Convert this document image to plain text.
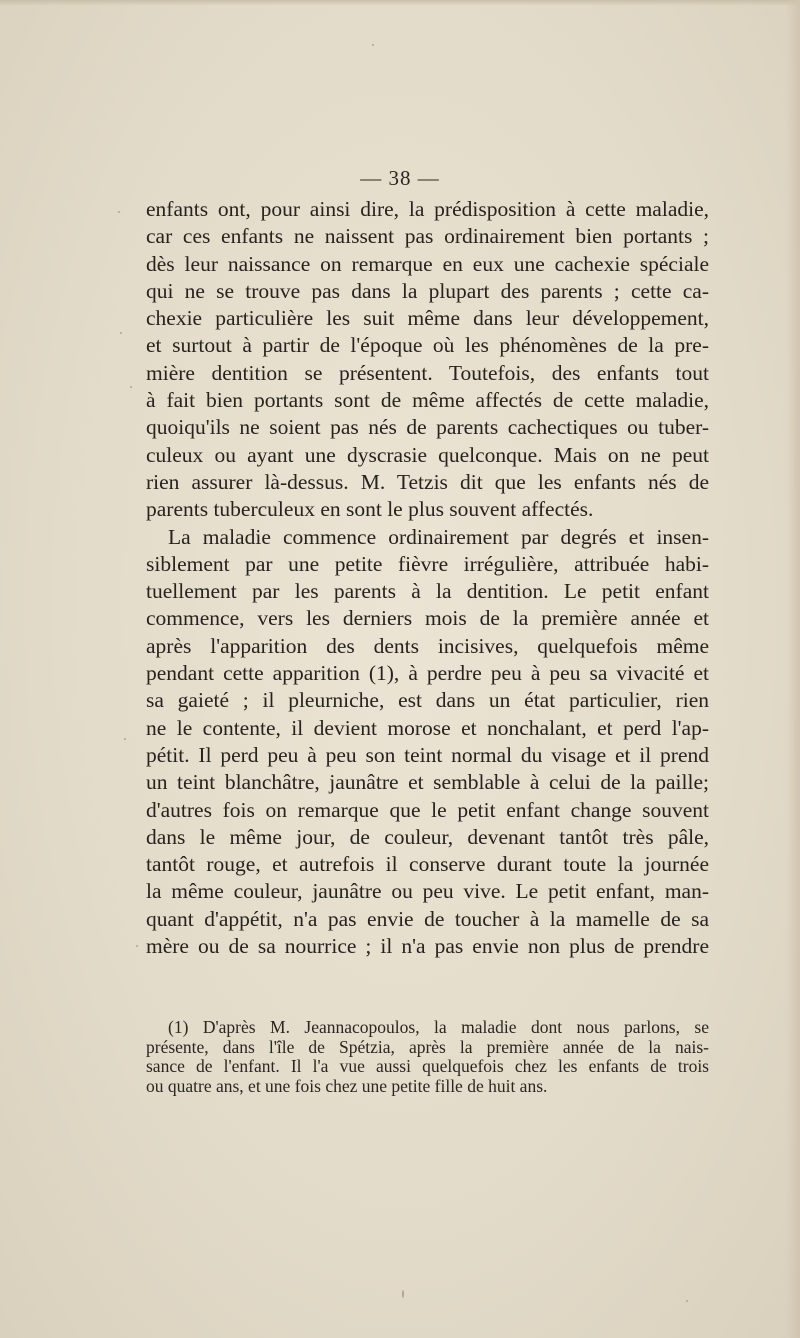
— 38 —
enfants ont, pour ainsi dire, la prédisposition à cette maladie,
car ces enfants ne naissent pas ordinairement bien portants ;
dès leur naissance on remarque en eux une cachexie spéciale
qui ne se trouve pas dans la plupart des parents ; cette ca-
chexie particulière les suit même dans leur développement,
et surtout à partir de l'époque où les phénomènes de la pre-
mière dentition se présentent. Toutefois, des enfants tout
à fait bien portants sont de même affectés de cette maladie,
quoiqu'ils ne soient pas nés de parents cachectiques ou tuber-
culeux ou ayant une dyscrasie quelconque. Mais on ne peut
rien assurer là-dessus. M. Tetzis dit que les enfants nés de
parents tuberculeux en sont le plus souvent affectés.
La maladie commence ordinairement par degrés et insen-
siblement par une petite fièvre irrégulière, attribuée habi-
tuellement par les parents à la dentition. Le petit enfant
commence, vers les derniers mois de la première année et
après l'apparition des dents incisives, quelquefois même
pendant cette apparition (1), à perdre peu à peu sa vivacité et
sa gaieté ; il pleurniche, est dans un état particulier, rien
ne le contente, il devient morose et nonchalant, et perd l'ap-
pétit. Il perd peu à peu son teint normal du visage et il prend
un teint blanchâtre, jaunâtre et semblable à celui de la paille;
d'autres fois on remarque que le petit enfant change souvent
dans le même jour, de couleur, devenant tantôt très pâle,
tantôt rouge, et autrefois il conserve durant toute la journée
la même couleur, jaunâtre ou peu vive. Le petit enfant, man-
quant d'appétit, n'a pas envie de toucher à la mamelle de sa
mère ou de sa nourrice ; il n'a pas envie non plus de prendre
(1) D'après M. Jeannacopoulos, la maladie dont nous parlons, se
présente, dans l'île de Spétzia, après la première année de la nais-
sance de l'enfant. Il l'a vue aussi quelquefois chez les enfants de trois
ou quatre ans, et une fois chez une petite fille de huit ans.
